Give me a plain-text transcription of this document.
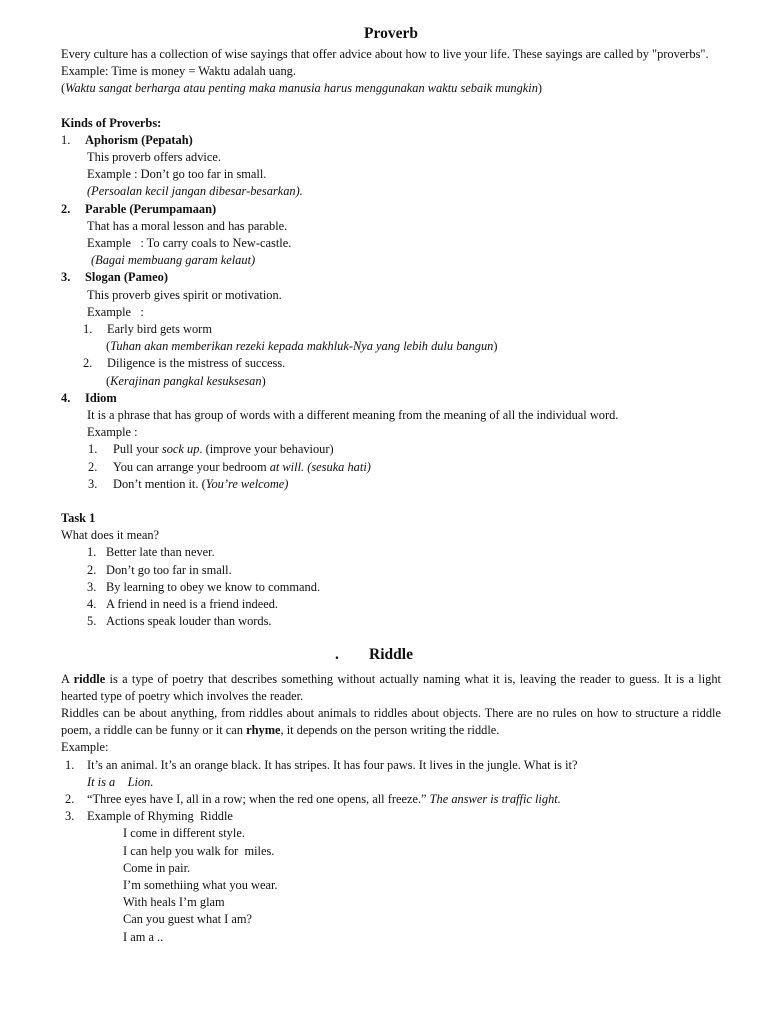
Proverb
Every culture has a collection of wise sayings that offer advice about how to live your life. These sayings are called by "proverbs".
Example: Time is money = Waktu adalah uang.
(Waktu sangat berharga atau penting maka manusia harus menggunakan waktu sebaik mungkin)
Kinds of Proverbs:
1. Aphorism (Pepatah)
This proverb offers advice.
Example : Don’t go too far in small.
(Persoalan kecil jangan dibesar-besarkan).
2. Parable (Perumpamaan)
That has a moral lesson and has parable.
Example   : To carry coals to New-castle.
(Bagai membuang garam kelaut)
3. Slogan (Pameo)
This proverb gives spirit or motivation.
Example   :
1. Early bird gets worm
(Tuhan akan memberikan rezeki kepada makhluk-Nya yang lebih dulu bangun)
2. Diligence is the mistress of success.
(Kerajinan pangkal kesuksesan)
4. Idiom
It is a phrase that has group of words with a different meaning from the meaning of all the individual word.
Example :
1. Pull your sock up. (improve your behaviour)
2. You can arrange your bedroom at will. (sesuka hati)
3. Don’t mention it. (You’re welcome)
Task 1
What does it mean?
1. Better late than never.
2. Don’t go too far in small.
3. By learning to obey we know to command.
4. A friend in need is a friend indeed.
5. Actions speak louder than words.
. Riddle
A riddle is a type of poetry that describes something without actually naming what it is, leaving the reader to guess. It is a light hearted type of poetry which involves the reader.
Riddles can be about anything, from riddles about animals to riddles about objects. There are no rules on how to structure a riddle poem, a riddle can be funny or it can rhyme, it depends on the person writing the riddle.
Example:
1. It’s an animal. It’s an orange black. It has stripes. It has four paws. It lives in the jungle. What is it?
It is a    Lion.
2. “Three eyes have I, all in a row; when the red one opens, all freeze.” The answer is traffic light.
3. Example of Rhyming  Riddle
I come in different style.
I can help you walk for  miles.
Come in pair.
I’m somethiing what you wear.
With heals I’m glam
Can you guest what I am?
I am a ..
